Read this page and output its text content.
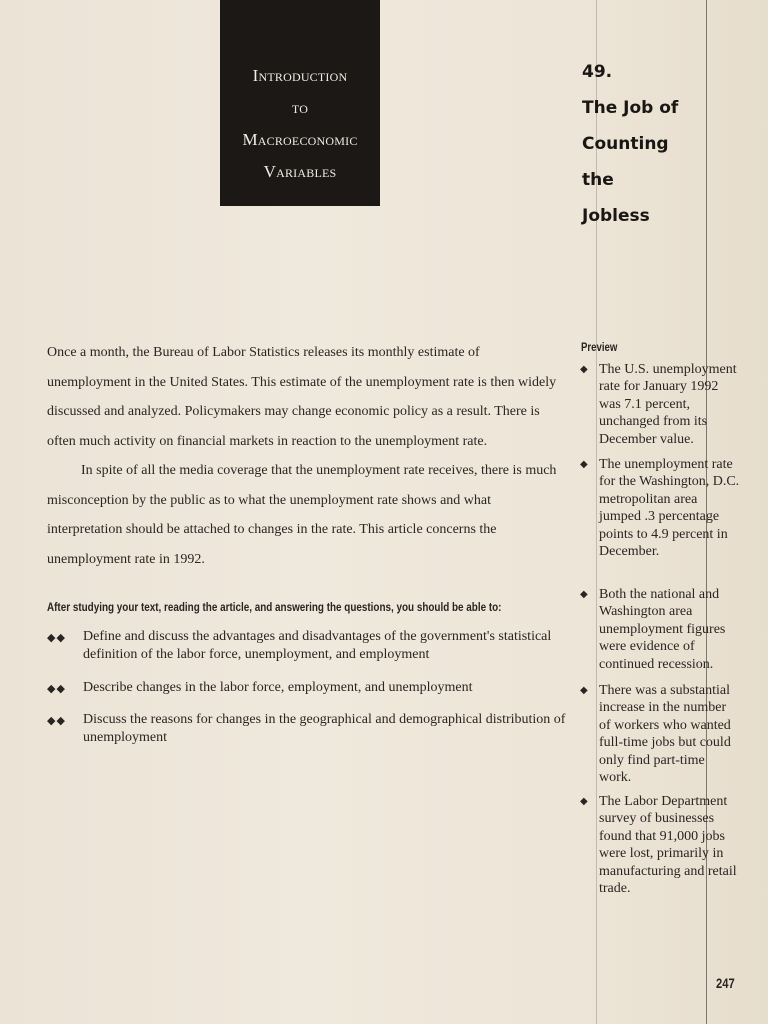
Introduction
to
Macroeconomic
Variables
49.
The Job of
Counting
the
Jobless

Once a month, the Bureau of Labor Statistics releases its monthly estimate of unemployment in the United States. This estimate of the unemployment rate is then widely discussed and analyzed. Policymakers may change economic policy as a result. There is often much activity on financial markets in reaction to the unemployment rate.

In spite of all the media coverage that the unemployment rate receives, there is much misconception by the public as to what the unemployment rate shows and what interpretation should be attached to changes in the rate. This article concerns the unemployment rate in 1992.

After studying your text, reading the article, and answering the questions, you should be able to:
◆◆ Define and discuss the advantages and disadvantages of the government's statistical definition of the labor force, unemployment, and employment
◆◆ Describe changes in the labor force, employment, and unemployment
◆◆ Discuss the reasons for changes in the geographical and demographical distribution of unemployment
Preview
◆ The U.S. unemployment rate for January 1992 was 7.1 percent, unchanged from its December value.
◆ The unemployment rate for the Washington, D.C. metropolitan area jumped .3 percentage points to 4.9 percent in December.
◆ Both the national and Washington area unemployment figures were evidence of continued recession.
◆ There was a substantial increase in the number of workers who wanted full-time jobs but could only find part-time work.
◆ The Labor Department survey of businesses found that 91,000 jobs were lost, primarily in manufacturing and retail trade.
247
